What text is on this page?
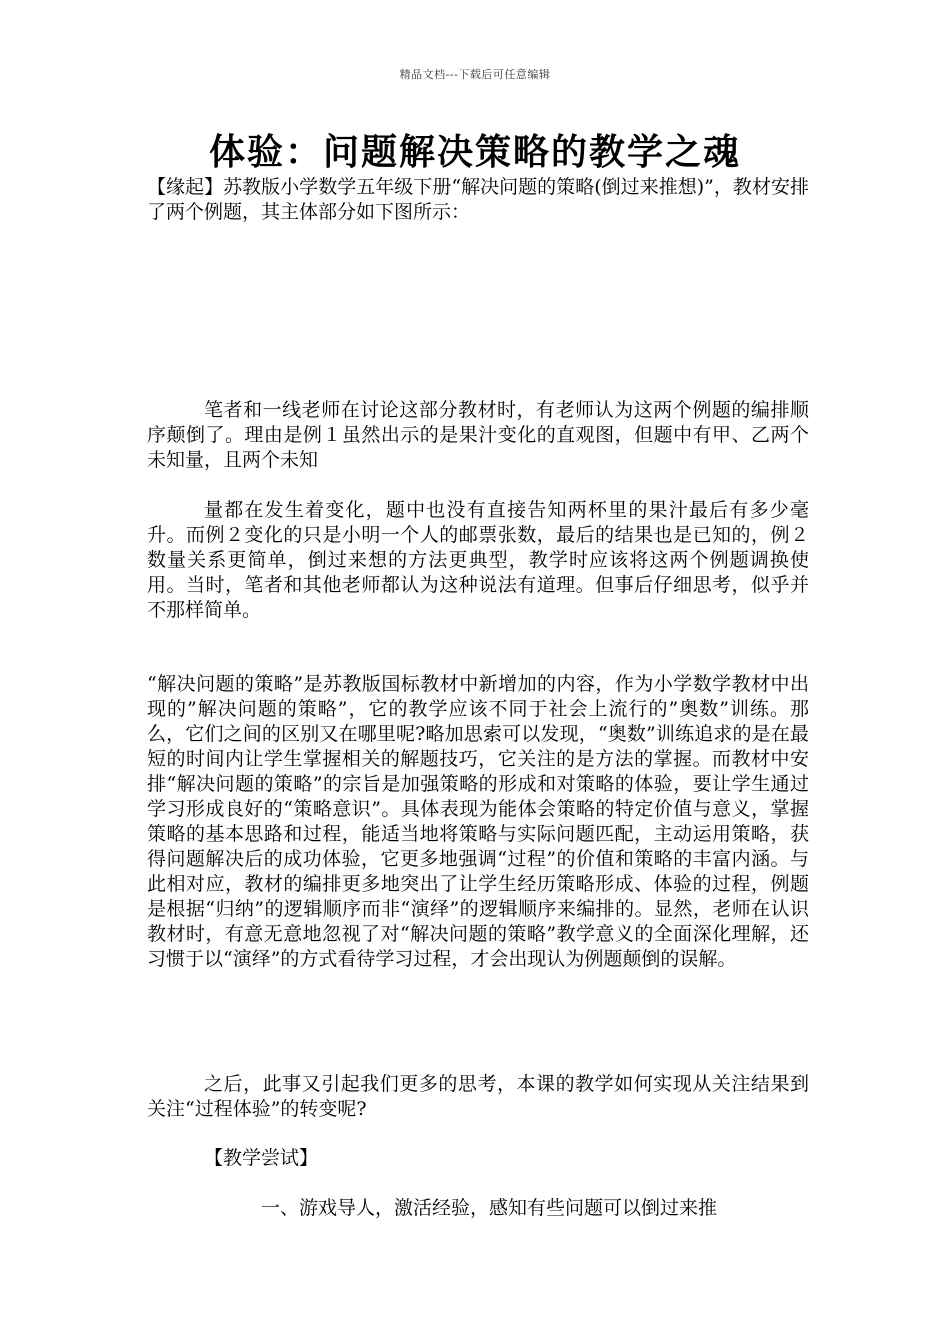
精品文档---下载后可任意编辑
体验：问题解决策略的教学之魂

【缘起】苏教版小学数学五年级下册“解决问题的策略(倒过来推想)”，教材安排了两个例题，其主体部分如下图所示：

笔者和一线老师在讨论这部分教材时，有老师认为这两个例题的编排顺序颠倒了。理由是例１虽然出示的是果汁变化的直观图，但题中有甲、乙两个未知量，且两个未知

量都在发生着变化，题中也没有直接告知两杯里的果汁最后有多少毫升。而例２变化的只是小明一个人的邮票张数，最后的结果也是已知的，例２数量关系更简单，倒过来想的方法更典型，教学时应该将这两个例题调换使用。当时，笔者和其他老师都认为这种说法有道理。但事后仔细思考，似乎并不那样简单。

“解决问题的策略”是苏教版国标教材中新增加的内容，作为小学数学教材中出现的”解决问题的策略”，它的教学应该不同于社会上流行的”奥数”训练。那么，它们之间的区别又在哪里呢?略加思索可以发现，“奥数”训练追求的是在最短的时间内让学生掌握相关的解题技巧，它关注的是方法的掌握。而教材中安排“解决问题的策略”的宗旨是加强策略的形成和对策略的体验，要让学生通过学习形成良好的“策略意识”。具体表现为能体会策略的特定价值与意义，掌握策略的基本思路和过程，能适当地将策略与实际问题匹配，主动运用策略，获得问题解决后的成功体验，它更多地强调“过程”的价值和策略的丰富内涵。与此相对应，教材的编排更多地突出了让学生经历策略形成、体验的过程，例题是根据“归纳”的逻辑顺序而非“演绎”的逻辑顺序来编排的。显然，老师在认识教材时，有意无意地忽视了对“解决问题的策略”教学意义的全面深化理解，还习惯于以“演绎”的方式看待学习过程，才会出现认为例题颠倒的误解。

之后，此事又引起我们更多的思考，本课的教学如何实现从关注结果到关注“过程体验”的转变呢?

【教学尝试】

一、游戏导人，激活经验，感知有些问题可以倒过来推
